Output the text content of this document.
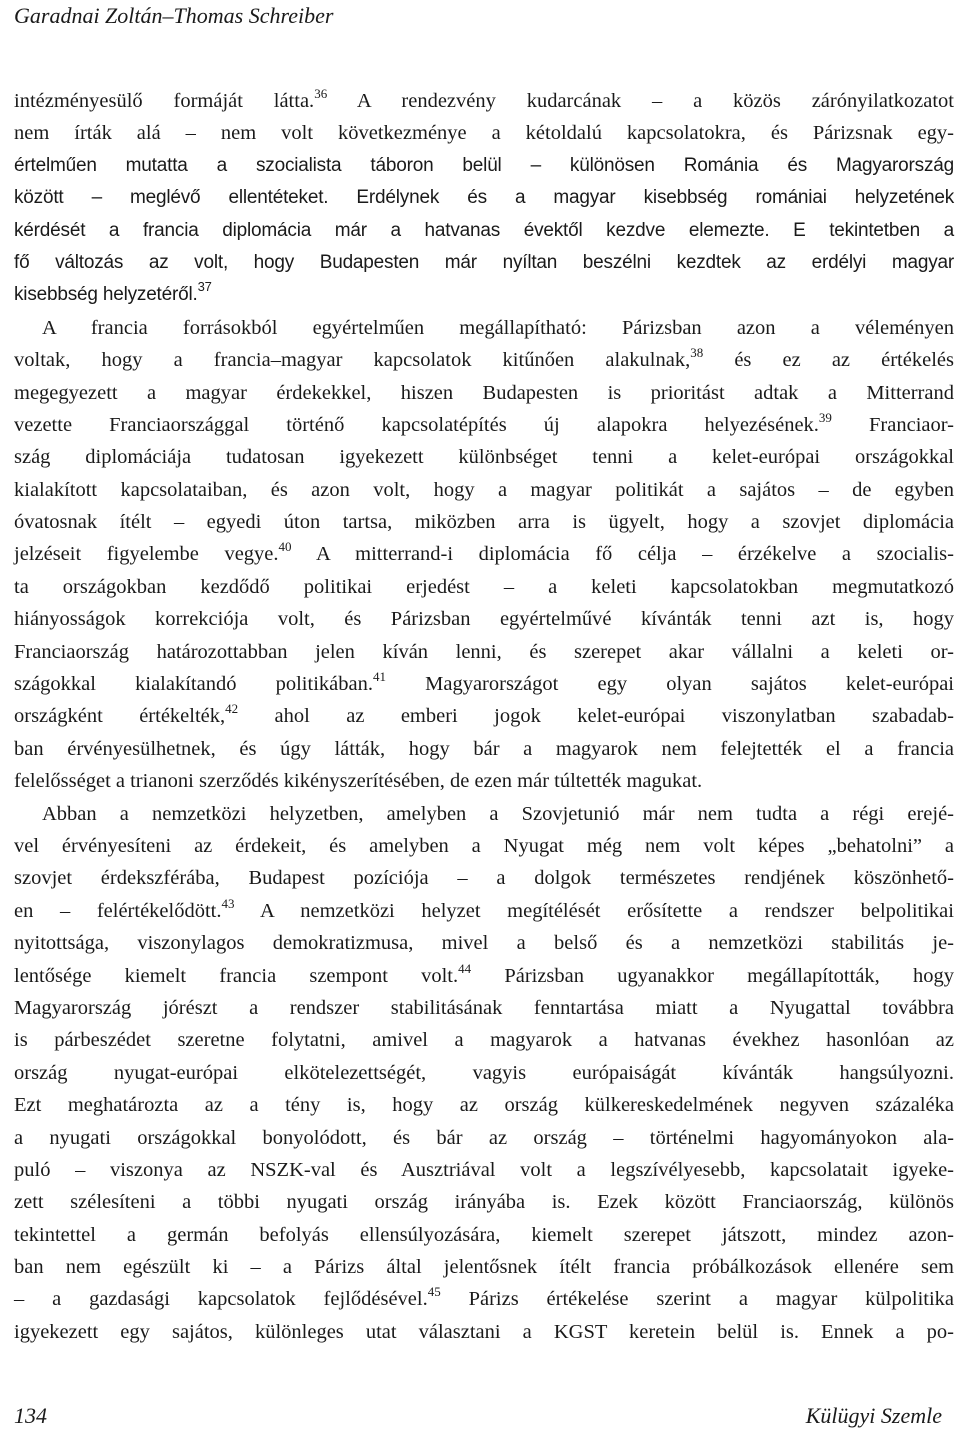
Garadnai Zoltán–Thomas Schreiber
intézményesülő formáját látta.$^{36}$ A rendezvény kudarcának – a közös zárónyilatkozatot
nem írták alá – nem volt következménye a kétoldalú kapcsolatokra, és Párizsnak egy-
értelműen mutatta a szocialista táboron belül – különösen Románia és Magyarország
között – meglévő ellentéteket. Erdélynek és a magyar kisebbség romániai helyzetének
kérdését a francia diplomácia már a hatvanas évektől kezdve elemezte. E tekintetben a
fő változás az volt, hogy Budapesten már nyíltan beszélni kezdtek az erdélyi magyar
kisebbség helyzetéről.$^{37}$
A francia forrásokból egyértelműen megállapítható: Párizsban azon a véleményen
voltak, hogy a francia–magyar kapcsolatok kitűnően alakulnak,$^{38}$ és ez az értékelés
megegyezett a magyar érdekekkel, hiszen Budapesten is prioritást adtak a Mitterrand
vezette Franciaországgal történő kapcsolatépítés új alapokra helyezésének.$^{39}$ Franciaor-
szág diplomáciája tudatosan igyekezett különbséget tenni a kelet-európai országokkal
kialakított kapcsolataiban, és azon volt, hogy a magyar politikát a sajátos – de egyben
óvatosnak ítélt – egyedi úton tartsa, miközben arra is ügyelt, hogy a szovjet diplomácia
jelzéseit figyelembe vegye.$^{40}$ A mitterrand-i diplomácia fő célja – érzékelve a szocialis-
ta országokban kezdődő politikai erjedést – a keleti kapcsolatokban megmutatkozó
hiányosságok korrekciója volt, és Párizsban egyértelművé kívánták tenni azt is, hogy
Franciaország határozottabban jelen kíván lenni, és szerepet akar vállalni a keleti or-
szágokkal kialakítandó politikában.$^{41}$ Magyarországot egy olyan sajátos kelet-európai
országként értékelték,$^{42}$ ahol az emberi jogok kelet-európai viszonylatban szabadab-
ban érvényesülhetnek, és úgy látták, hogy bár a magyarok nem felejtették el a francia
felelősséget a trianoni szerződés kikényszerítésében, de ezen már túltették magukat.
Abban a nemzetközi helyzetben, amelyben a Szovjetunió már nem tudta a régi erejé-
vel érvényesíteni az érdekeit, és amelyben a Nyugat még nem volt képes „behatolni” a
szovjet érdekszférába, Budapest pozíciója – a dolgok természetes rendjének köszönhető-
en – felértékelődött.$^{43}$ A nemzetközi helyzet megítélését erősítette a rendszer belpolitikai
nyitottsága, viszonylagos demokratizmusa, mivel a belső és a nemzetközi stabilitás je-
lentősége kiemelt francia szempont volt.$^{44}$ Párizsban ugyanakkor megállapították, hogy
Magyarország jórészt a rendszer stabilitásának fenntartása miatt a Nyugattal továbbra
is párbeszédet szeretne folytatni, amivel a magyarok a hatvanas évekhez hasonlóan az
ország nyugat-európai elkötelezettségét, vagyis európaiságát kívánták hangsúlyozni.
Ezt meghatározta az a tény is, hogy az ország külkereskedelmének negyven százaléka
a nyugati országokkal bonyolódott, és bár az ország – történelmi hagyományokon ala-
puló – viszonya az NSZK-val és Ausztriával volt a legszívélyesebb, kapcsolatait igyeke-
zett szélesíteni a többi nyugati ország irányába is. Ezek között Franciaország, különös
tekintettel a germán befolyás ellensúlyozására, kiemelt szerepet játszott, mindez azon-
ban nem egészült ki – a Párizs által jelentősnek ítélt francia próbálkozások ellenére sem
– a gazdasági kapcsolatok fejlődésével.$^{45}$ Párizs értékelése szerint a magyar külpolitika
igyekezett egy sajátos, különleges utat választani a KGST keretein belül is. Ennek a po-
134	Külügyi Szemle
